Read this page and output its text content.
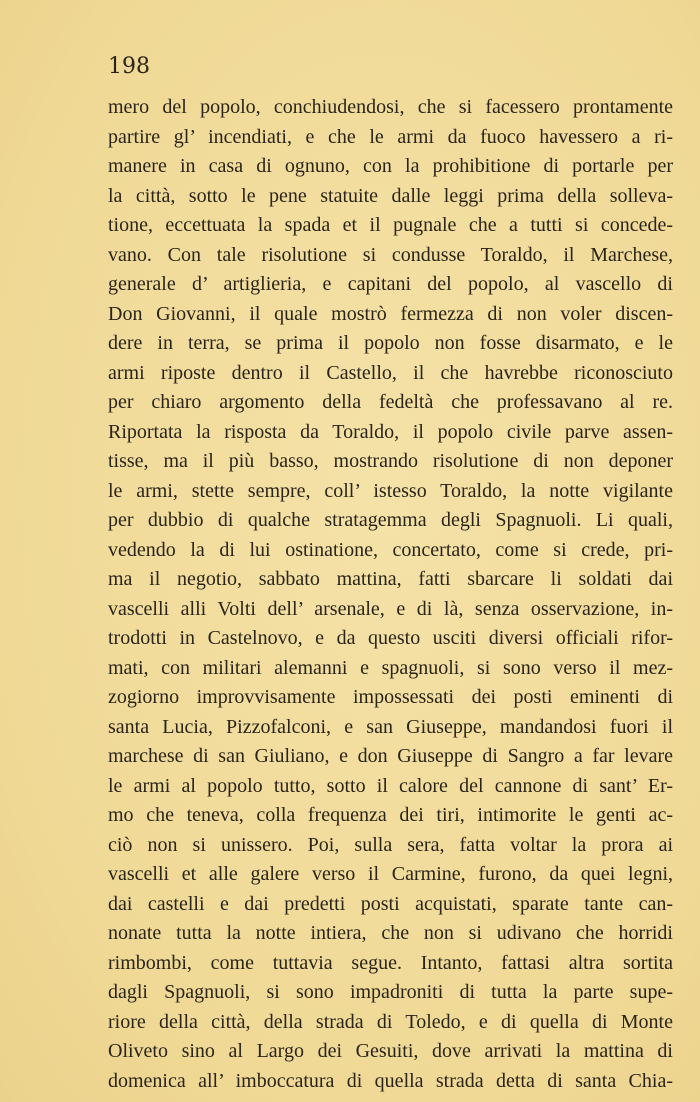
198

mero del popolo, conchiudendosi, che si facessero prontamente
partire gl’ incendiati, e che le armi da fuoco havessero a ri-
manere in casa di ognuno, con la prohibitione di portarle per
la città, sotto le pene statuite dalle leggi prima della solleva-
tione, eccettuata la spada et il pugnale che a tutti si concede-
vano. Con tale risolutione si condusse Toraldo, il Marchese,
generale d’ artiglieria, e capitani del popolo, al vascello di
Don Giovanni, il quale mostrò fermezza di non voler discen-
dere in terra, se prima il popolo non fosse disarmato, e le
armi riposte dentro il Castello, il che havrebbe riconosciuto
per chiaro argomento della fedeltà che professavano al re.
Riportata la risposta da Toraldo, il popolo civile parve assen-
tisse, ma il più basso, mostrando risolutione di non deponer
le armi, stette sempre, coll’ istesso Toraldo, la notte vigilante
per dubbio di qualche stratagemma degli Spagnuoli. Li quali,
vedendo la di lui ostinatione, concertato, come si crede, pri-
ma il negotio, sabbato mattina, fatti sbarcare li soldati dai
vascelli alli Volti dell’ arsenale, e di là, senza osservazione, in-
trodotti in Castelnovo, e da questo usciti diversi officiali rifor-
mati, con militari alemanni e spagnuoli, si sono verso il mez-
zogiorno improvvisamente impossessati dei posti eminenti di
santa Lucia, Pizzofalconi, e san Giuseppe, mandandosi fuori il
marchese di san Giuliano, e don Giuseppe di Sangro a far levare
le armi al popolo tutto, sotto il calore del cannone di sant’ Er-
mo che teneva, colla frequenza dei tiri, intimorite le genti ac-
ciò non si unissero. Poi, sulla sera, fatta voltar la prora ai
vascelli et alle galere verso il Carmine, furono, da quei legni,
dai castelli e dai predetti posti acquistati, sparate tante can-
nonate tutta la notte intiera, che non si udivano che horridi
rimbombi, come tuttavia segue. Intanto, fattasi altra sortita
dagli Spagnuoli, si sono impadroniti di tutta la parte supe-
riore della città, della strada di Toledo, e di quella di Monte
Oliveto sino al Largo dei Gesuiti, dove arrivati la mattina di
domenica all’ imboccatura di quella strada detta di santa Chia-
